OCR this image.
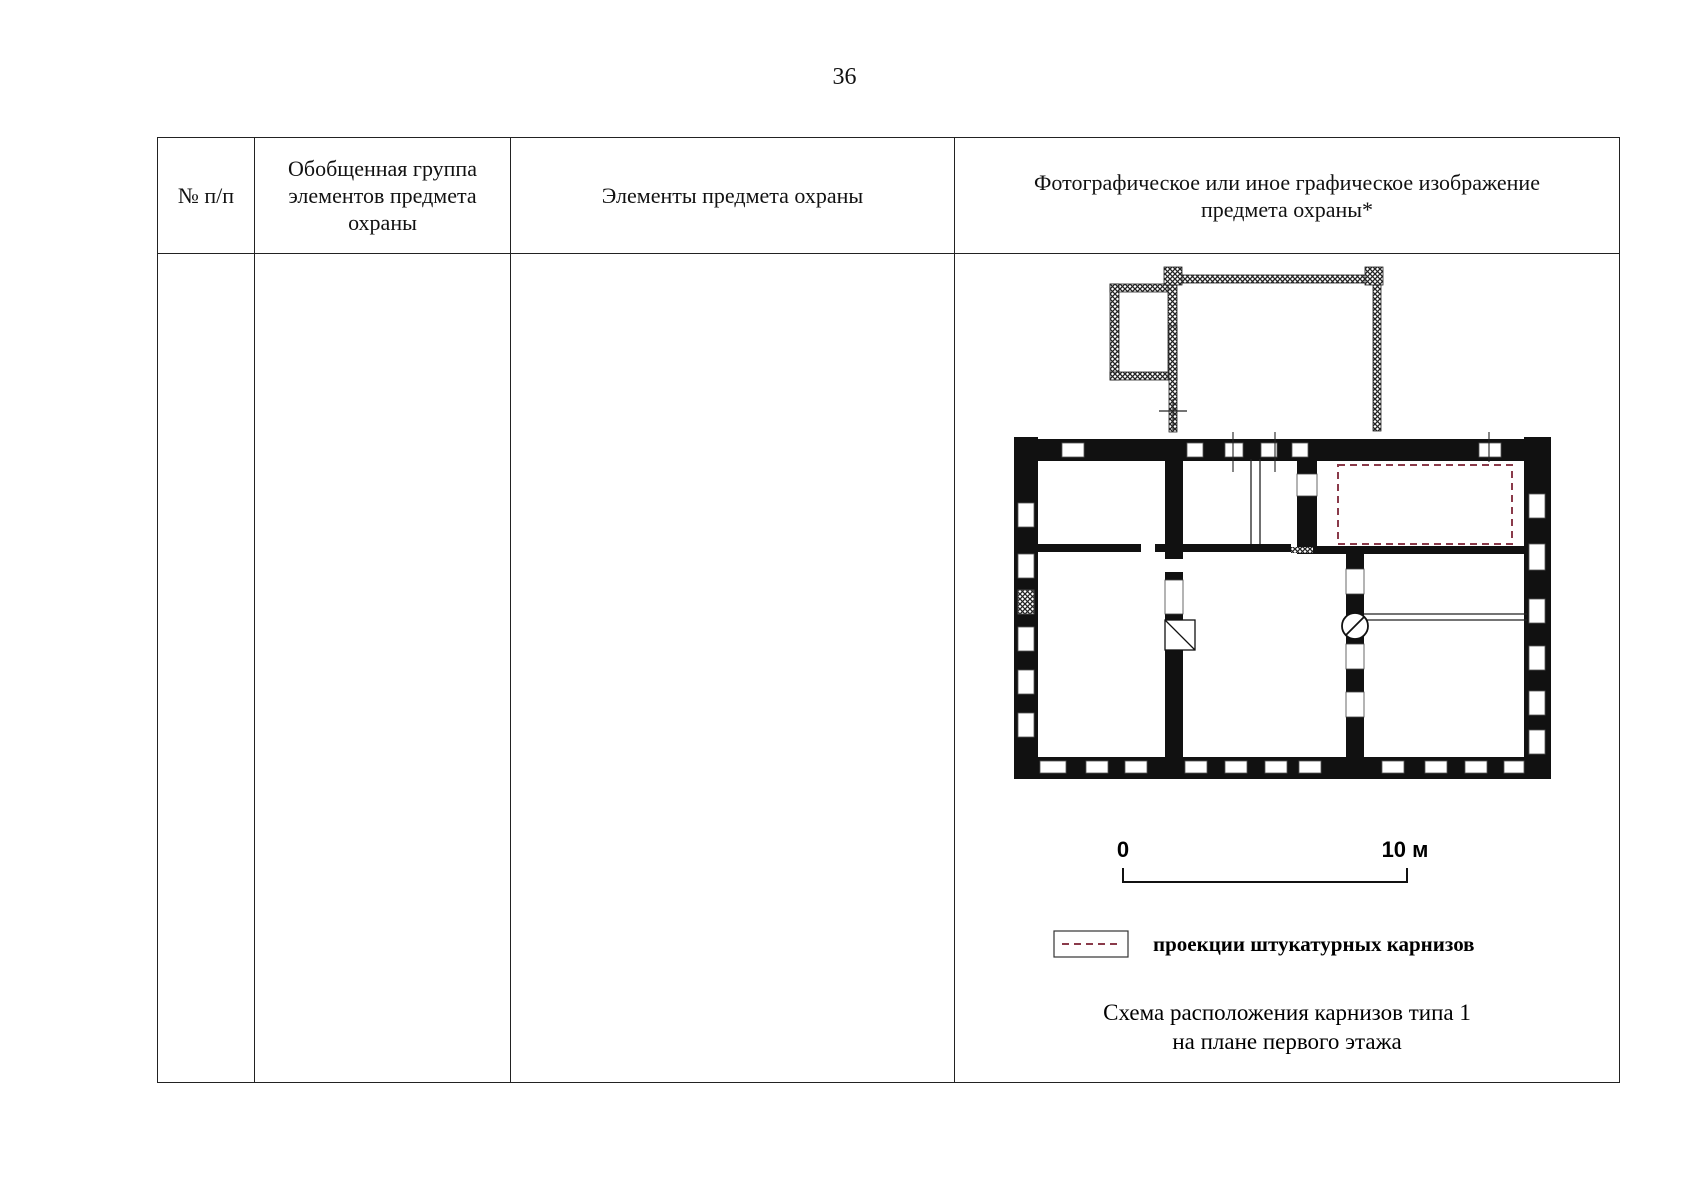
36
№ п/п	Обобщенная группа элементов предмета охраны	Элементы предмета охраны	Фотографическое или иное графическое изображение предмета охраны*

0 10 м
проекции штукатурных карнизов
Схема расположения карнизов типа 1
на плане первого этажа
